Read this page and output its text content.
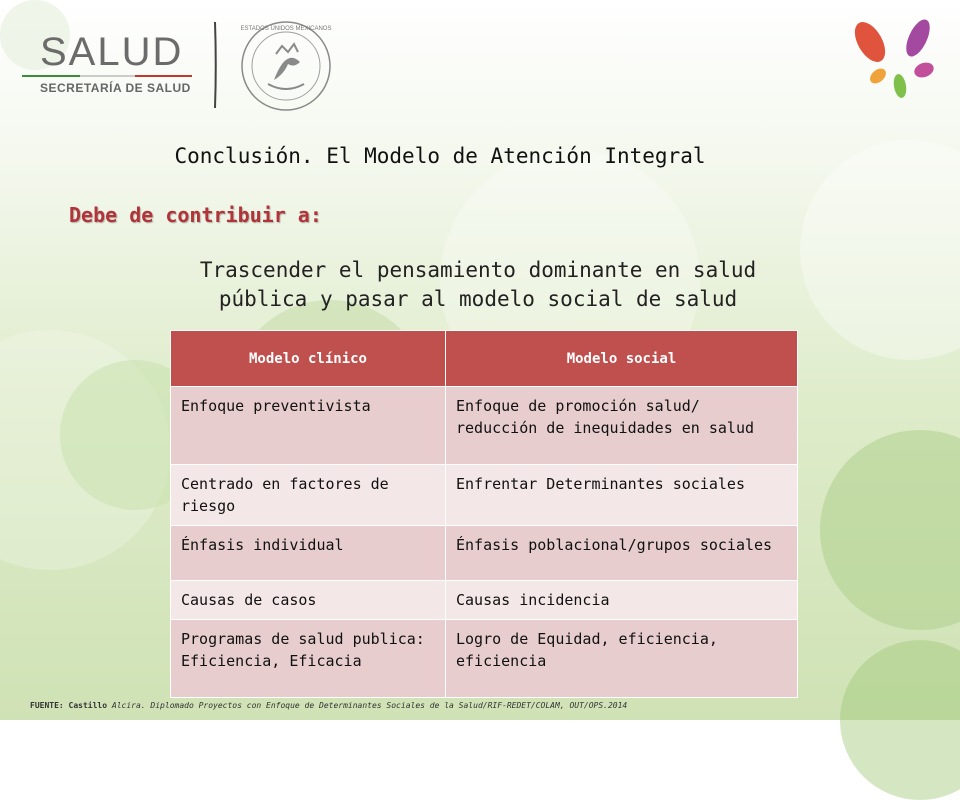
SALUD
SECRETARÍA DE SALUD
ESTADOS UNIDOS MEXICANOS
Conclusión. El Modelo de Atención Integral
Debe de contribuir a:
Trascender el pensamiento dominante en salud pública y pasar al modelo social de salud
Modelo clínico	Modelo social
Enfoque preventivista	Enfoque de promoción salud/ reducción de inequidades en salud
Centrado en factores de riesgo	Enfrentar Determinantes sociales
Énfasis individual	Énfasis poblacional/grupos sociales
Causas de casos	Causas incidencia
Programas de salud publica: Eficiencia, Eficacia	Logro de Equidad, eficiencia, eficiencia
FUENTE: Castillo Alcira. Diplomado Proyectos con Enfoque de Determinantes Sociales de la Salud/RIF-REDET/COLAM, OUT/OPS.2014
